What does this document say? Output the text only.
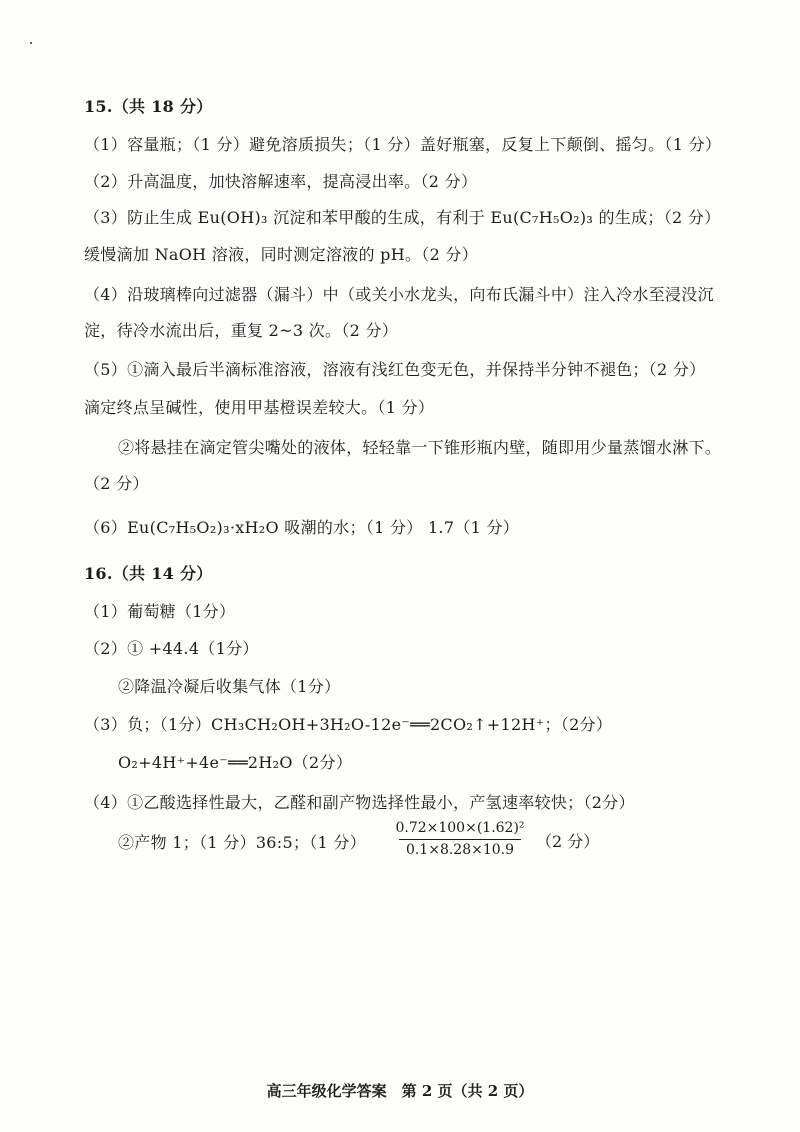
15.（共 18 分）
（1）容量瓶；（1 分）避免溶质损失；（1 分）盖好瓶塞，反复上下颠倒、摇匀。（1 分）
（2）升高温度，加快溶解速率，提高浸出率。（2 分）
（3）防止生成 Eu(OH)₃ 沉淀和苯甲酸的生成，有利于 Eu(C₇H₅O₂)₃ 的生成；（2 分）
缓慢滴加 NaOH 溶液，同时测定溶液的 pH。（2 分）
（4）沿玻璃棒向过滤器（漏斗）中（或关小水龙头，向布氏漏斗中）注入冷水至浸没沉
淀，待冷水流出后，重复 2~3 次。（2 分）
（5）①滴入最后半滴标准溶液，溶液有浅红色变无色，并保持半分钟不褪色；（2 分）
滴定终点呈碱性，使用甲基橙误差较大。（1 分）
②将悬挂在滴定管尖嘴处的液体，轻轻靠一下锥形瓶内壁，随即用少量蒸馏水淋下。
（2 分）
（6）Eu(C₇H₅O₂)₃·xH₂O 吸潮的水；（1 分） 1.7（1 分）
16.（共 14 分）
（1）葡萄糖（1分）
（2）① +44.4（1分）
②降温冷凝后收集气体（1分）
（3）负；（1分）CH₃CH₂OH+3H₂O-12e⁻══2CO₂↑+12H⁺；（2分）
O₂+4H⁺+4e⁻══2H₂O（2分）
（4）①乙酸选择性最大，乙醛和副产物选择性最小，产氢速率较快；（2分）
②产物 1；（1 分）36:5；（1 分）
0.72×100×(1.62)²
0.1×8.28×10.9 （2 分）
高三年级化学答案　第 2 页（共 2 页）
